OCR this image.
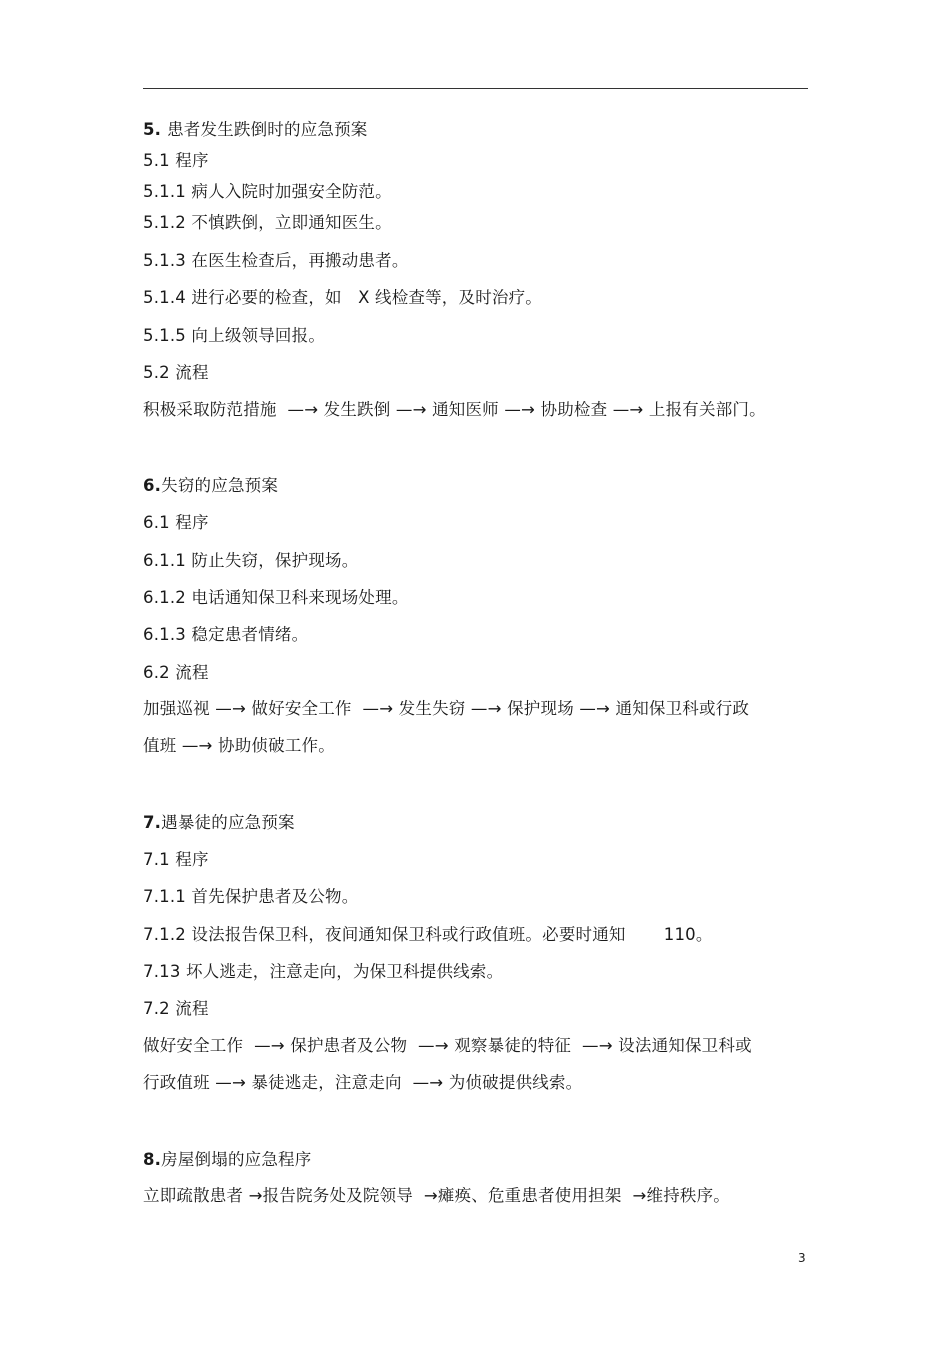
5. 患者发生跌倒时的应急预案
5.1 程序
5.1.1 病人入院时加强安全防范。
5.1.2 不慎跌倒，立即通知医生。
5.1.3 在医生检查后，再搬动患者。
5.1.4 进行必要的检查，如   X 线检查等，及时治疗。
5.1.5 向上级领导回报。
5.2 流程
积极采取防范措施  —→ 发生跌倒 —→ 通知医师 —→ 协助检查 —→ 上报有关部门。
6.失窃的应急预案
6.1 程序
6.1.1 防止失窃，保护现场。
6.1.2 电话通知保卫科来现场处理。
6.1.3 稳定患者情绪。
6.2 流程
加强巡视 —→ 做好安全工作  —→ 发生失窃 —→ 保护现场 —→ 通知保卫科或行政
值班 —→ 协助侦破工作。
7.遇暴徒的应急预案
7.1 程序
7.1.1 首先保护患者及公物。
7.1.2 设法报告保卫科，夜间通知保卫科或行政值班。必要时通知       110。
7.13 坏人逃走，注意走向，为保卫科提供线索。
7.2 流程
做好安全工作  —→ 保护患者及公物  —→ 观察暴徒的特征  —→ 设法通知保卫科或
行政值班 —→ 暴徒逃走，注意走向  —→ 为侦破提供线索。
8.房屋倒塌的应急程序
立即疏散患者 →报告院务处及院领导  →瘫痪、危重患者使用担架  →维持秩序。
3
